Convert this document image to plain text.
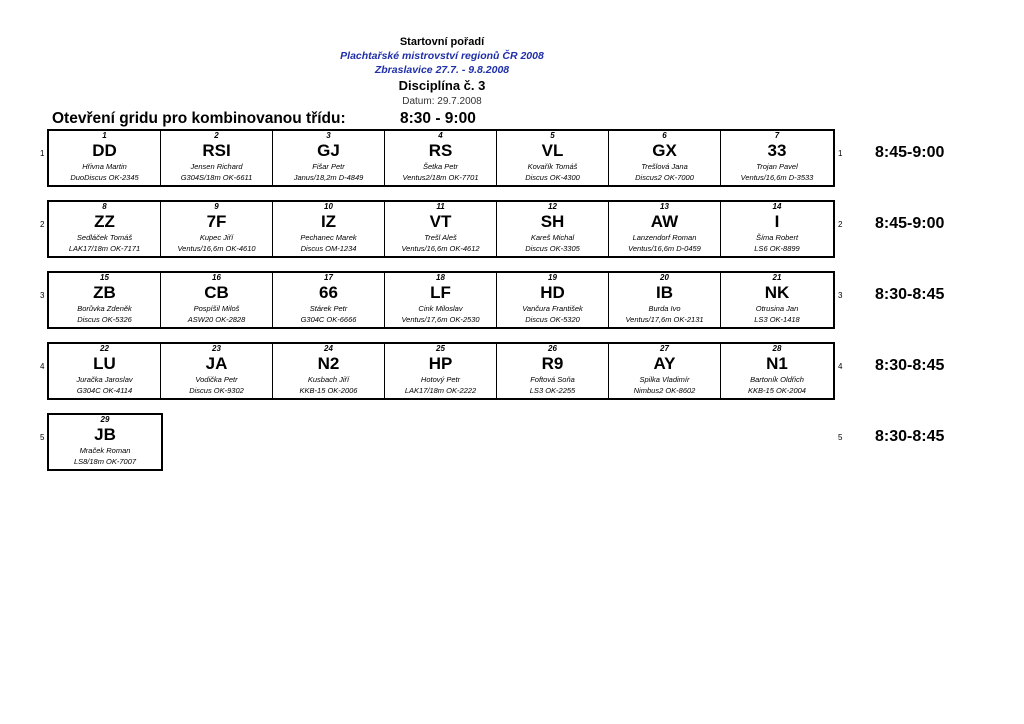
Startovní pořadí
Plachtařské mistrovství regionů ČR 2008
Zbraslavice 27.7. - 9.8.2008
Disciplína č. 3
Datum: 29.7.2008
Otevření gridu pro kombinovanou třídu:	8:30 - 9:00
1
1
DD
Hřivna Martin
DuoDiscus OK-2345
2
RSI
Jensen Richard
G304S/18m OK-6611
3
GJ
Fišar Petr
Janus/18,2m D-4849
4
RS
Šetka Petr
Ventus2/18m OK-7701
5
VL
Kovařík Tomáš
Discus OK-4300
6
GX
Trešlová Jana
Discus2 OK-7000
7
33
Trojan Pavel
Ventus/16,6m D-3533
1 8:45-9:00
2
8
ZZ
Sedláček Tomáš
LAK17/18m OK-7171
9
7F
Kupec Jiří
Ventus/16,6m OK-4610
10
IZ
Pechanec Marek
Discus OM-1234
11
VT
Trešl Aleš
Ventus/16,6m OK-4612
12
SH
Kareš Michal
Discus OK-3305
13
AW
Lanzendorf Roman
Ventus/16,6m D-0459
14
I
Šíma Robert
LS6 OK-8899
2 8:45-9:00
3
15
ZB
Borůvka Zdeněk
Discus OK-5326
16
CB
Pospíšil Miloš
ASW20 OK-2828
17
66
Stárek Petr
G304C OK-6666
18
LF
Cink Miloslav
Ventus/17,6m OK-2530
19
HD
Vančura František
Discus OK-5320
20
IB
Burda Ivo
Ventus/17,6m OK-2131
21
NK
Otrusina Jan
LS3 OK-1418
3 8:30-8:45
4
22
LU
Juračka Jaroslav
G304C OK-4114
23
JA
Vodička Petr
Discus OK-9302
24
N2
Kusbach Jiří
KKB-15 OK-2006
25
HP
Hotový Petr
LAK17/18m OK-2222
26
R9
Foftová Soňa
LS3 OK-2255
27
AY
Spilka Vladimír
Nimbus2 OK-8602
28
N1
Bartoník Oldřich
KKB-15 OK-2004
4 8:30-8:45
5
29
JB
Mraček Roman
LS8/18m OK-7007
5 8:30-8:45
